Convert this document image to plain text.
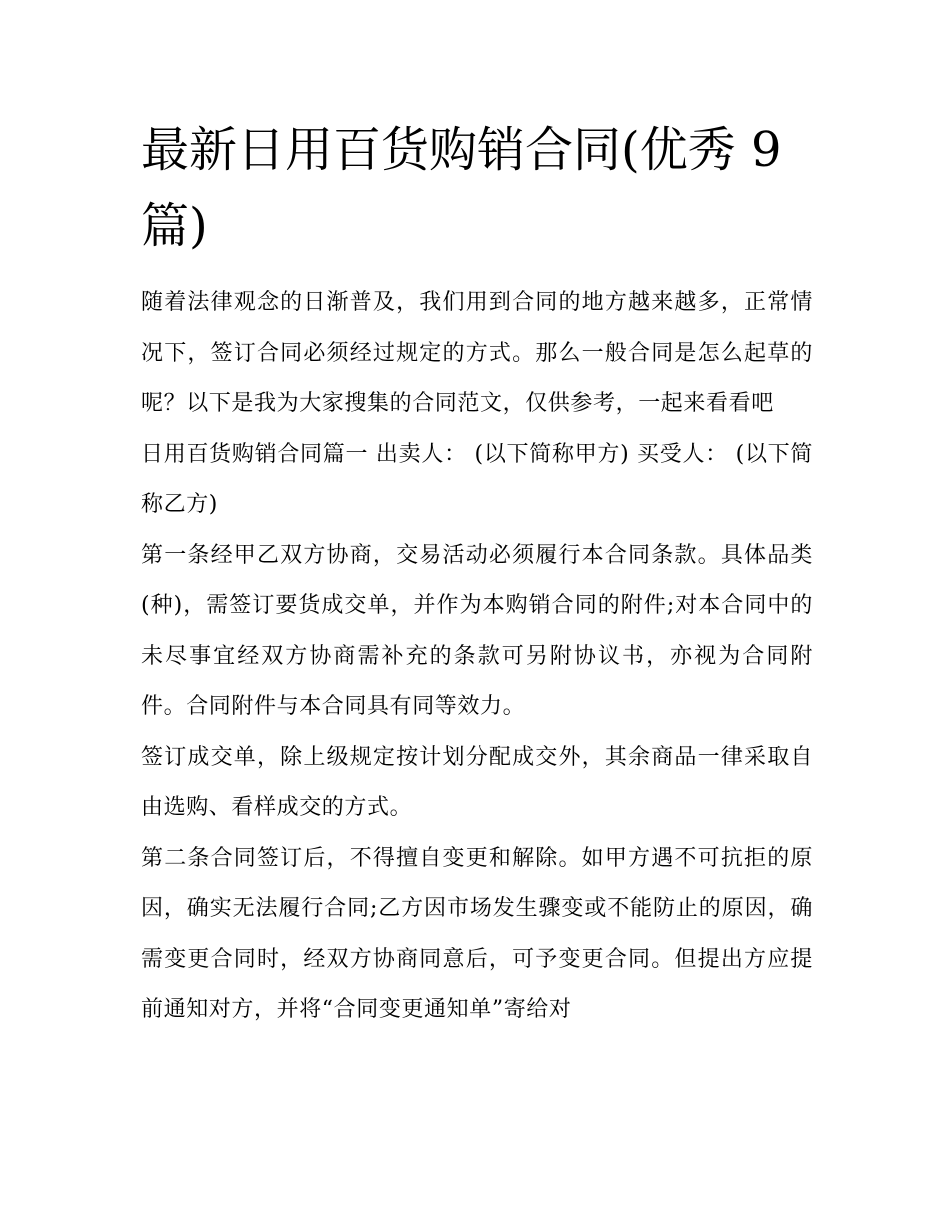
最新日用百货购销合同(优秀 9 篇)

随着法律观念的日渐普及，我们用到合同的地方越来越多，正常情况下，签订合同必须经过规定的方式。那么一般合同是怎么起草的呢？以下是我为大家搜集的合同范文，仅供参考，一起来看看吧

日用百货购销合同篇一 出卖人： (以下简称甲方) 买受人： (以下简称乙方)

第一条经甲乙双方协商，交易活动必须履行本合同条款。具体品类(种)，需签订要货成交单，并作为本购销合同的附件;对本合同中的未尽事宜经双方协商需补充的条款可另附协议书，亦视为合同附件。合同附件与本合同具有同等效力。

签订成交单，除上级规定按计划分配成交外，其余商品一律采取自由选购、看样成交的方式。

第二条合同签订后，不得擅自变更和解除。如甲方遇不可抗拒的原因，确实无法履行合同;乙方因市场发生骤变或不能防止的原因，确需变更合同时，经双方协商同意后，可予变更合同。但提出方应提前通知对方，并将“合同变更通知单”寄给对
